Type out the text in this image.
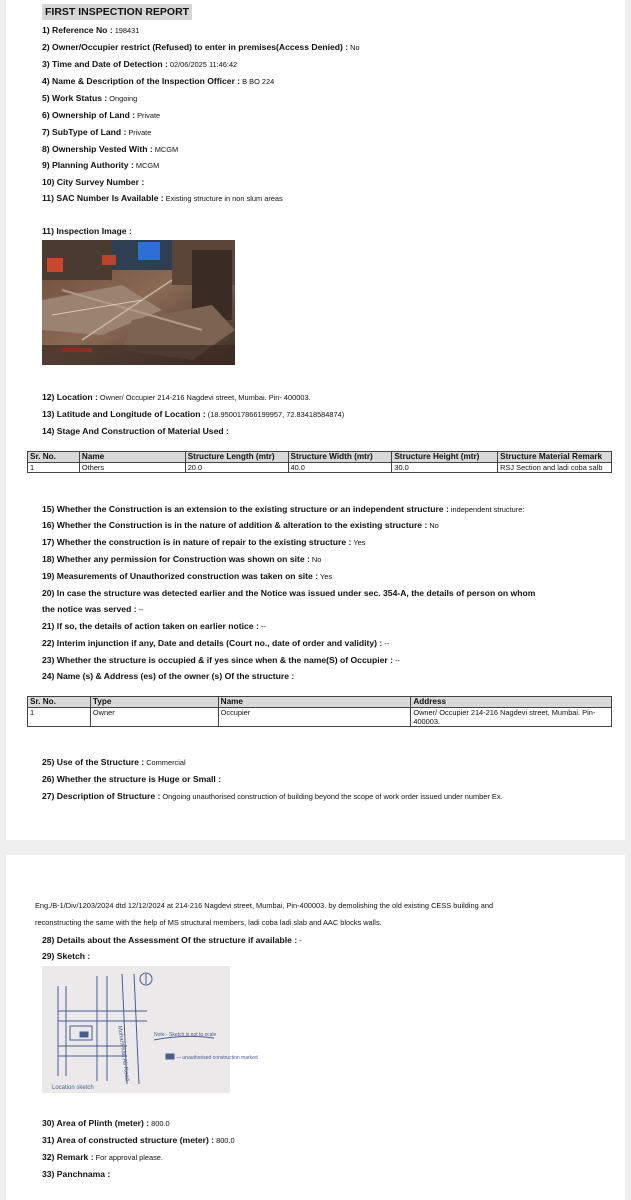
FIRST INSPECTION REPORT
1) Reference No : 198431
2) Owner/Occupier restrict (Refused) to enter in premises(Access Denied) : No
3) Time and Date of Detection : 02/06/2025 11:46:42
4) Name & Description of the Inspection Officer : B BO 224
5) Work Status : Ongoing
6) Ownership of Land : Private
7) SubType of Land : Private
8) Ownership Vested With : MCGM
9) Planning Authority : MCGM
10) City Survey Number :
11) SAC Number Is Available : Existing structure in non slum areas
11) Inspection Image :
12) Location : Owner/ Occupier 214-216 Nagdevi street, Mumbai. Pin- 400003.
13) Latitude and Longitude of Location : (18.950017866199957, 72.83418584874)
14) Stage And Construction of Material Used :
Sr. No.	Name	Structure Length (mtr)	Structure Width (mtr)	Structure Height (mtr)	Structure Material Remark
1	Others	20.0	40.0	30.0	RSJ Section and ladi coba salb
15) Whether the Construction is an extension to the existing structure or an independent structure : independent structure:
16) Whether the Construction is in the nature of addition & alteration to the existing structure : No
17) Whether the construction is in nature of repair to the existing structure : Yes
18) Whether any permission for Construction was shown on site : No
19) Measurements of Unauthorized construction was taken on site : Yes
20) In case the structure was detected earlier and the Notice was issued under sec. 354-A, the details of person on whom
the notice was served : --
21) If so, the details of action taken on earlier notice : --
22) Interim injunction if any, Date and details (Court no., date of order and validity) : --
23) Whether the structure is occupied & if yes since when & the name(S) of Occupier : --
24) Name (s) & Address (es) of the owner (s) Of the structure :
Sr. No.	Type	Name	Address
1	Owner	Occupier	Owner/ Occupier 214-216 Nagdevi street, Mumbai. Pin- 400003.
25) Use of the Structure : Commercial
26) Whether the structure is Huge or Small :
27) Description of Structure : Ongoing unauthorised construction of building beyond the scope of work order issued under number Ex.
Eng./B-1/Div/1203/2024 dtd 12/12/2024 at 214-216 Nagdevi street, Mumbai, Pin-400003. by demolishing the old existing CESS building and
reconstructing the same with the help of MS structural members, ladi coba ladi slab and AAC blocks walls.
28) Details about the Assessment Of the structure if available : -
29) Sketch :
Mohammad Ali Road	Note:- Sketch is not to scale
— unauthorised construction marked
Location sketch
30) Area of Plinth (meter) : 800.0
31) Area of constructed structure (meter) : 800.0
32) Remark : For approval please.
33) Panchnama :
